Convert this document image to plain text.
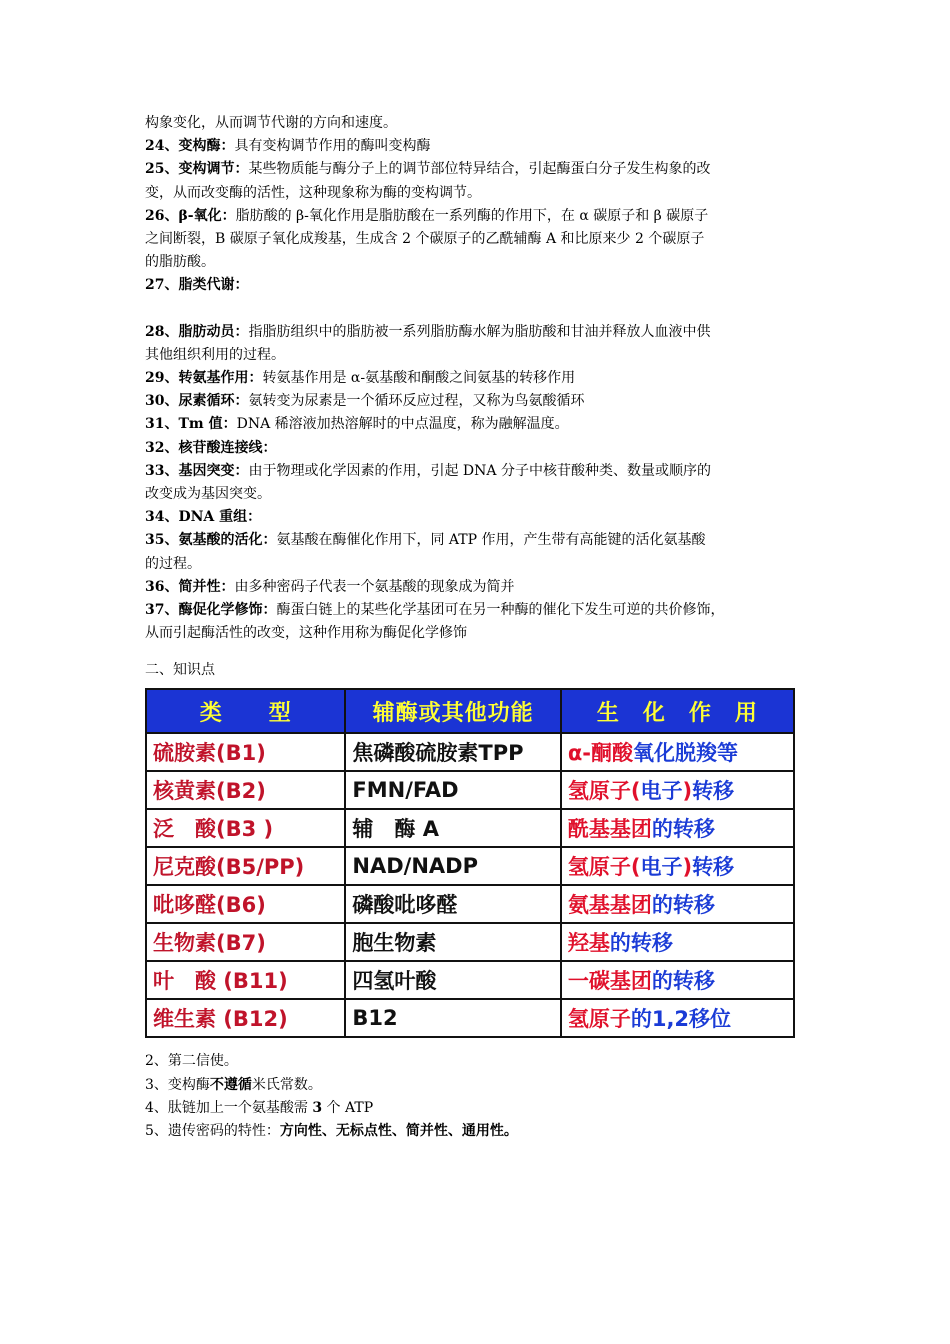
构象变化，从而调节代谢的方向和速度。
24、变构酶：具有变构调节作用的酶叫变构酶
25、变构调节：某些物质能与酶分子上的调节部位特异结合，引起酶蛋白分子发生构象的改
变，从而改变酶的活性，这种现象称为酶的变构调节。
26、β-氧化：脂肪酸的 β-氧化作用是脂肪酸在一系列酶的作用下，在 α 碳原子和 β 碳原子
之间断裂，B 碳原子氧化成羧基，生成含 2 个碳原子的乙酰辅酶 A 和比原来少 2 个碳原子
的脂肪酸。
27、脂类代谢：
28、脂肪动员：指脂肪组织中的脂肪被一系列脂肪酶水解为脂肪酸和甘油并释放人血液中供
其他组织利用的过程。
29、转氨基作用：转氨基作用是 α-氨基酸和酮酸之间氨基的转移作用
30、尿素循环：氨转变为尿素是一个循环反应过程，又称为鸟氨酸循环
31、Tm 值：DNA 稀溶液加热溶解时的中点温度，称为融解温度。
32、核苷酸连接线：
33、基因突变：由于物理或化学因素的作用，引起 DNA 分子中核苷酸种类、数量或顺序的
改变成为基因突变。
34、DNA 重组：
35、氨基酸的活化：氨基酸在酶催化作用下，同 ATP 作用，产生带有高能键的活化氨基酸
的过程。
36、简并性：由多种密码子代表一个氨基酸的现象成为简并
37、酶促化学修饰：酶蛋白链上的某些化学基团可在另一种酶的催化下发生可逆的共价修饰，
从而引起酶活性的改变，这种作用称为酶促化学修饰
二、知识点
类　　型	辅酶或其他功能	生　化　作　用
硫胺素(B1)	焦磷酸硫胺素TPP	α-酮酸氧化脱羧等
核黄素(B2)	FMN/FAD	氢原子(电子)转移
泛　酸(B3 )	辅　酶 A	酰基基团的转移
尼克酸(B5/PP)	NAD/NADP	氢原子(电子)转移
吡哆醛(B6)	磷酸吡哆醛	氨基基团的转移
生物素(B7)	胞生物素	羟基的转移
叶　酸 (B11)	四氢叶酸	一碳基团的转移
维生素 (B12)	B12	氢原子的1,2移位
2、第二信使。
3、变构酶不遵循米氏常数。
4、肽链加上一个氨基酸需 3 个 ATP
5、遗传密码的特性：方向性、无标点性、简并性、通用性。
